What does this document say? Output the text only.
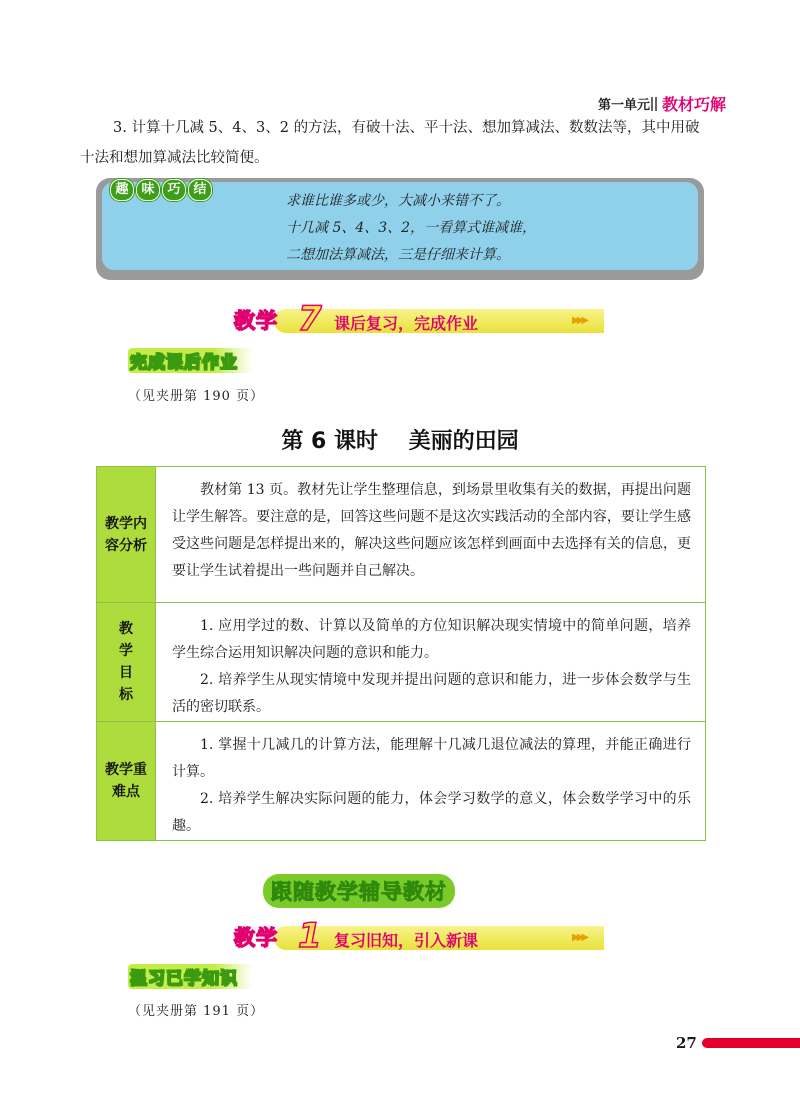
第一单元 教材巧解
3. 计算十几减 5、4、3、2 的方法，有破十法、平十法、想加算减法、数数法等，其中用破
十法和想加算减法比较简便。
趣 味 巧 结
求谁比谁多或少，大减小来错不了。
十几减 5、4、3、2，一看算式谁减谁，
二想加法算减法，三是仔细来计算。
教学 7 课后复习，完成作业	▶▶▶
完成课后作业
（见夹册第 190 页）
第 6 课时    美丽的田园
教学内容分析

教材第 13 页。教材先让学生整理信息，到场景里收集有关的数据，再提出问题让学生解答。要注意的是，回答这些问题不是这次实践活动的全部内容，要让学生感受这些问题是怎样提出来的，解决这些问题应该怎样到画面中去选择有关的信息，更要让学生试着提出一些问题并自己解决。

教学目标

1. 应用学过的数、计算以及简单的方位知识解决现实情境中的简单问题，培养学生综合运用知识解决问题的意识和能力。

2. 培养学生从现实情境中发现并提出问题的意识和能力，进一步体会数学与生活的密切联系。

教学重难点

1. 掌握十几减几的计算方法，能理解十几减几退位减法的算理，并能正确进行计算。

2. 培养学生解决实际问题的能力，体会学习数学的意义，体会数学学习中的乐趣。

跟随教学辅导教材
教学 1 复习旧知，引入新课	▶▶▶
温习已学知识
（见夹册第 191 页）
27
